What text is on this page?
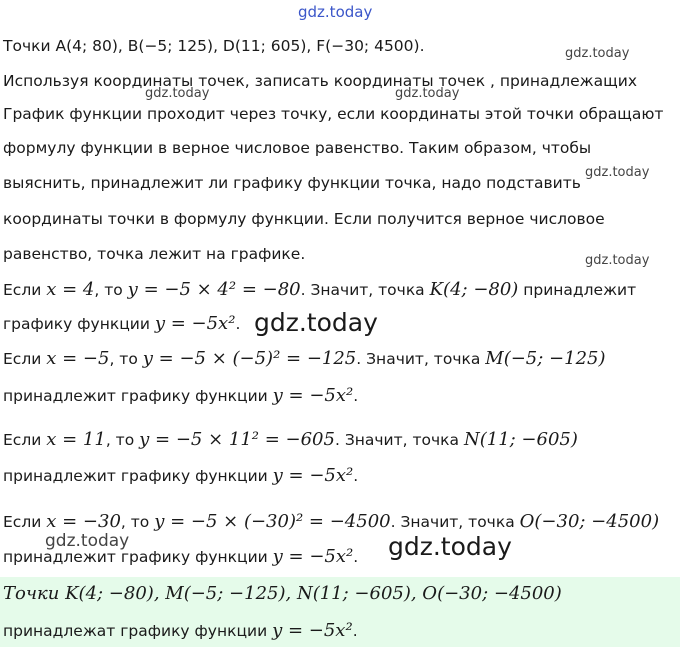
gdz.today
gdz.today
gdz.today	gdz.today
gdz.today
gdz.today
gdz.today
gdz.today	gdz.today
Точки A(4; 80), B(−5; 125), D(11; 605), F(−30; 4500).
Используя координаты точек, записать координаты точек , принадлежащих
График функции проходит через точку, если координаты этой точки обращают
формулу функции в верное числовое равенство. Таким образом, чтобы
выяснить, принадлежит ли графику функции точка, надо подставить
координаты точки в формулу функции. Если получится верное числовое
равенство, точка лежит на графике.
Если x = 4, то y = −5 × 4² = −80. Значит, точка K(4; −80) принадлежит
графику функции y = −5x².
Если x = −5, то y = −5 × (−5)² = −125. Значит, точка M(−5; −125)
принадлежит графику функции y = −5x².
Если x = 11, то y = −5 × 11² = −605. Значит, точка N(11; −605)
принадлежит графику функции y = −5x².
Если x = −30, то y = −5 × (−30)² = −4500. Значит, точка O(−30; −4500)
принадлежит графику функции y = −5x².
Точки K(4; −80), M(−5; −125), N(11; −605), O(−30; −4500)
принадлежат графику функции y = −5x².
